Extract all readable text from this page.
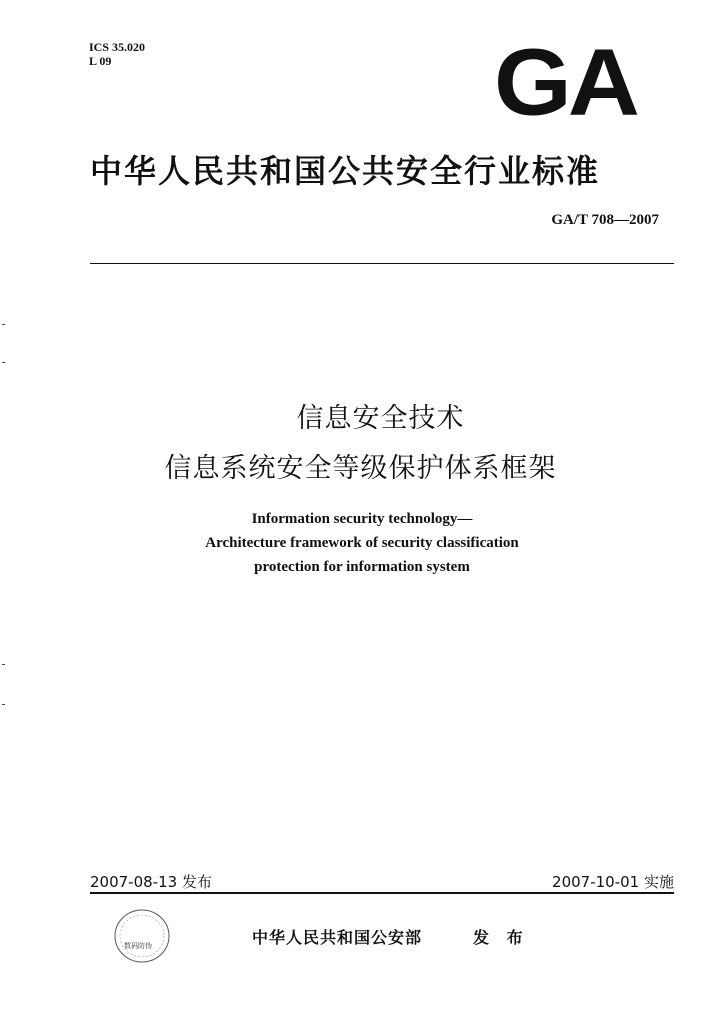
ICS 35.020
L 09	GA
中华人民共和国公共安全行业标准
GA/T 708—2007
信息安全技术
信息系统安全等级保护体系框架
Information security technology—
Architecture framework of security classification
protection for information system
2007-08-13 发布	2007-10-01 实施
数码防伪	中华人民共和国公安部	发 布
